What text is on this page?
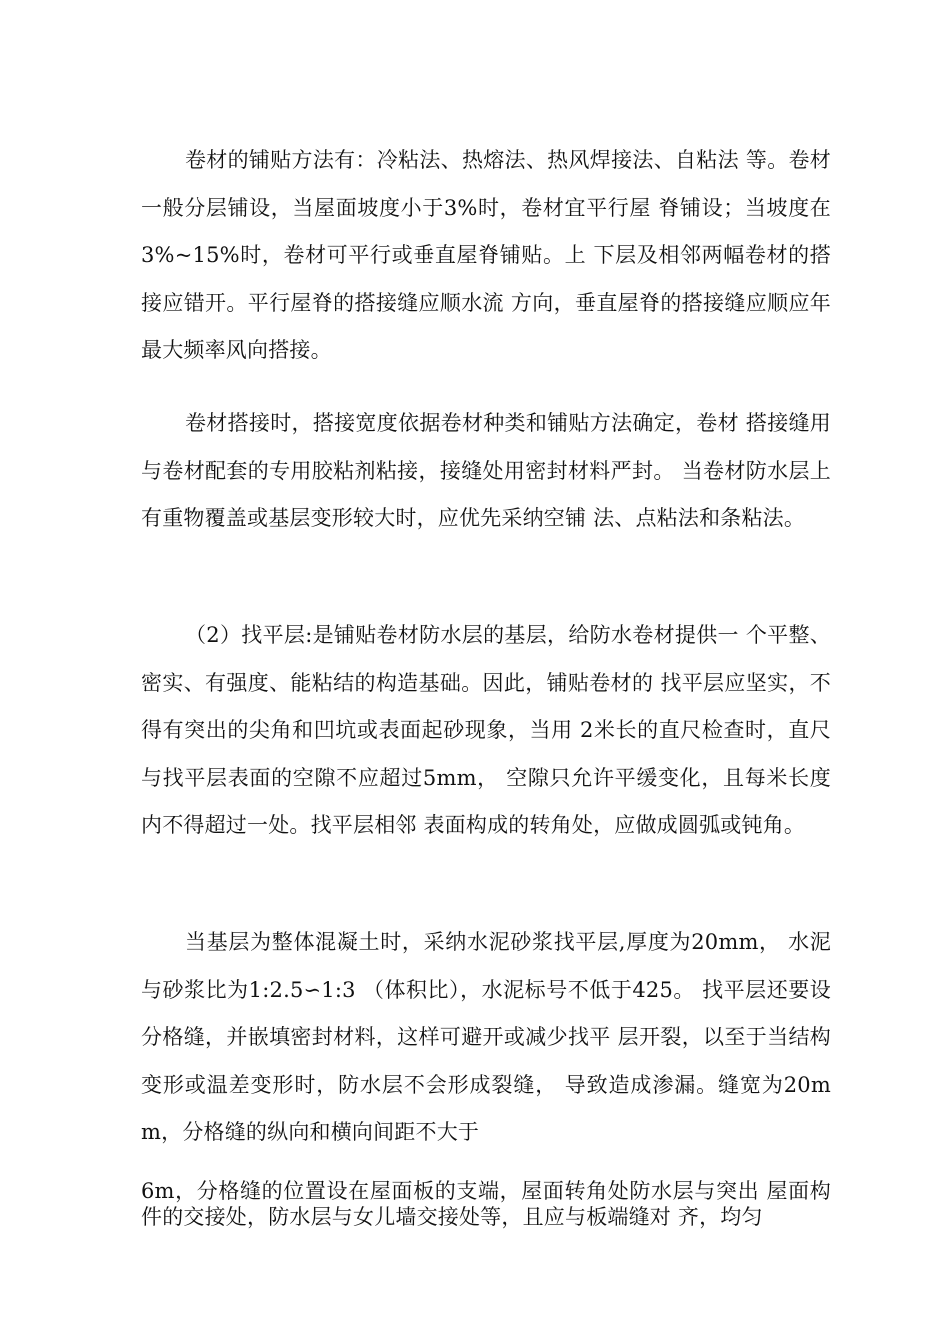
卷材的铺贴方法有：冷粘法、热熔法、热风焊接法、自粘法 等。卷材一般分层铺设，当屋面坡度小于3%时，卷材宜平行屋 脊铺设；当坡度在3%~15%时，卷材可平行或垂直屋脊铺贴。上 下层及相邻两幅卷材的搭接应错开。平行屋脊的搭接缝应顺水流 方向，垂直屋脊的搭接缝应顺应年最大频率风向搭接。

卷材搭接时，搭接宽度依据卷材种类和铺贴方法确定，卷材 搭接缝用与卷材配套的专用胶粘剂粘接，接缝处用密封材料严封。 当卷材防水层上有重物覆盖或基层变形较大时，应优先采纳空铺 法、点粘法和条粘法。

（2）找平层:是铺贴卷材防水层的基层，给防水卷材提供一 个平整、密实、有强度、能粘结的构造基础。因此，铺贴卷材的 找平层应坚实，不得有突出的尖角和凹坑或表面起砂现象，当用 2米长的直尺检查时，直尺与找平层表面的空隙不应超过5mm， 空隙只允许平缓变化，且每米长度内不得超过一处。找平层相邻 表面构成的转角处，应做成圆弧或钝角。

当基层为整体混凝土时，采纳水泥砂浆找平层,厚度为20mm， 水泥与砂浆比为1:2.5∽1:3 （体积比），水泥标号不低于425。 找平层还要设分格缝，并嵌填密封材料，这样可避开或减少找平 层开裂，以至于当结构变形或温差变形时，防水层不会形成裂缝， 导致造成渗漏。缝宽为20mm，分格缝的纵向和横向间距不大于

6m，分格缝的位置设在屋面板的支端，屋面转角处防水层与突出 屋面构件的交接处，防水层与女儿墙交接处等，且应与板端缝对 齐，均匀
